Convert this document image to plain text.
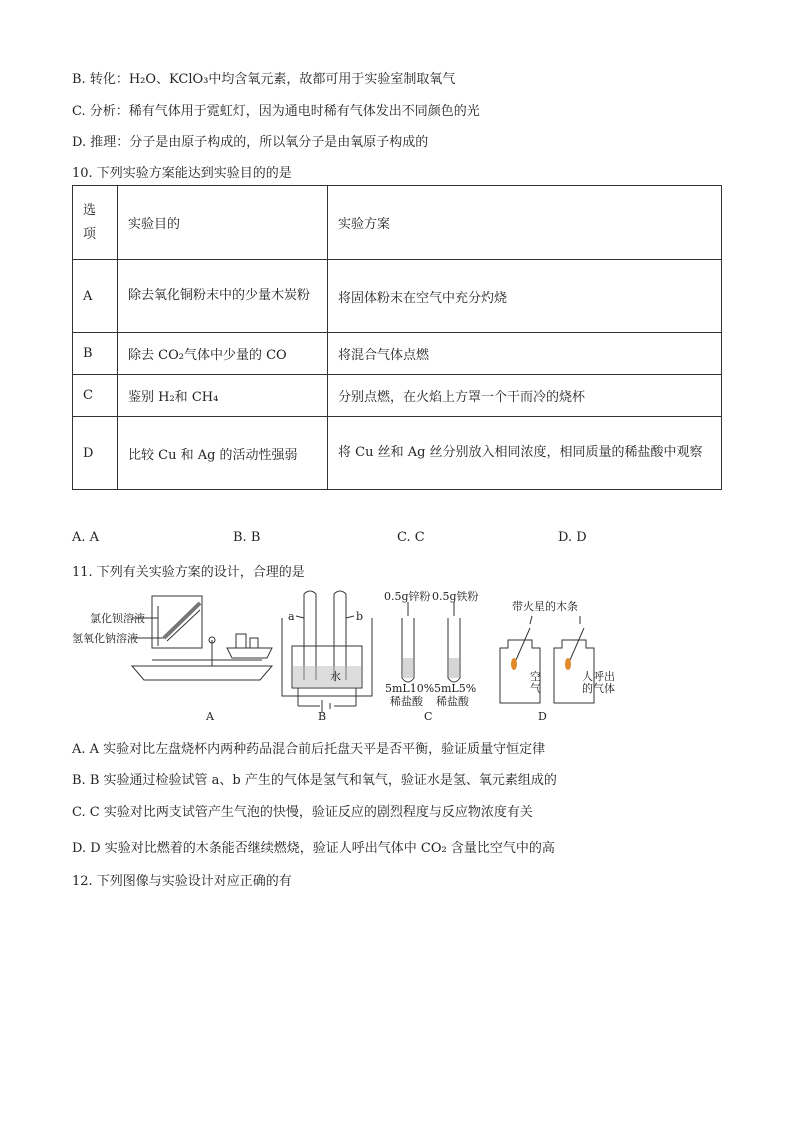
B. 转化：H₂O、KClO₃中均含氧元素，故都可用于实验室制取氧气
C. 分析：稀有气体用于霓虹灯，因为通电时稀有气体发出不同颜色的光
D. 推理：分子是由原子构成的，所以氧分子是由氧原子构成的
10. 下列实验方案能达到实验目的的是
选项	实验目的	实验方案
A	除去氧化铜粉末中的少量木炭粉	将固体粉末在空气中充分灼烧
B	除去 CO₂气体中少量的 CO	将混合气体点燃
C	鉴别 H₂和 CH₄	分别点燃，在火焰上方罩一个干而冷的烧杯
D	比较 Cu 和 Ag 的活动性强弱	将 Cu 丝和 Ag 丝分别放入相同浓度，相同质量的稀盐酸中观察
A. A	B. B	C. C	D. D
11. 下列有关实验方案的设计，合理的是
氯化钡溶液
氢氧化钠溶液
a	b
水
0.5g锌粉 0.5g铁粉
5mL10%
稀盐酸
5mL5%
稀盐酸
带火星的木条
空
气
人呼出
的气体
A	B	C	D
A. A 实验对比左盘烧杯内两种药品混合前后托盘天平是否平衡，验证质量守恒定律
B. B 实验通过检验试管 a、b 产生的气体是氢气和氧气，验证水是氢、氧元素组成的
C. C 实验对比两支试管产生气泡的快慢，验证反应的剧烈程度与反应物浓度有关
D. D 实验对比燃着的木条能否继续燃烧，验证人呼出气体中 CO₂ 含量比空气中的高
12. 下列图像与实验设计对应正确的有
